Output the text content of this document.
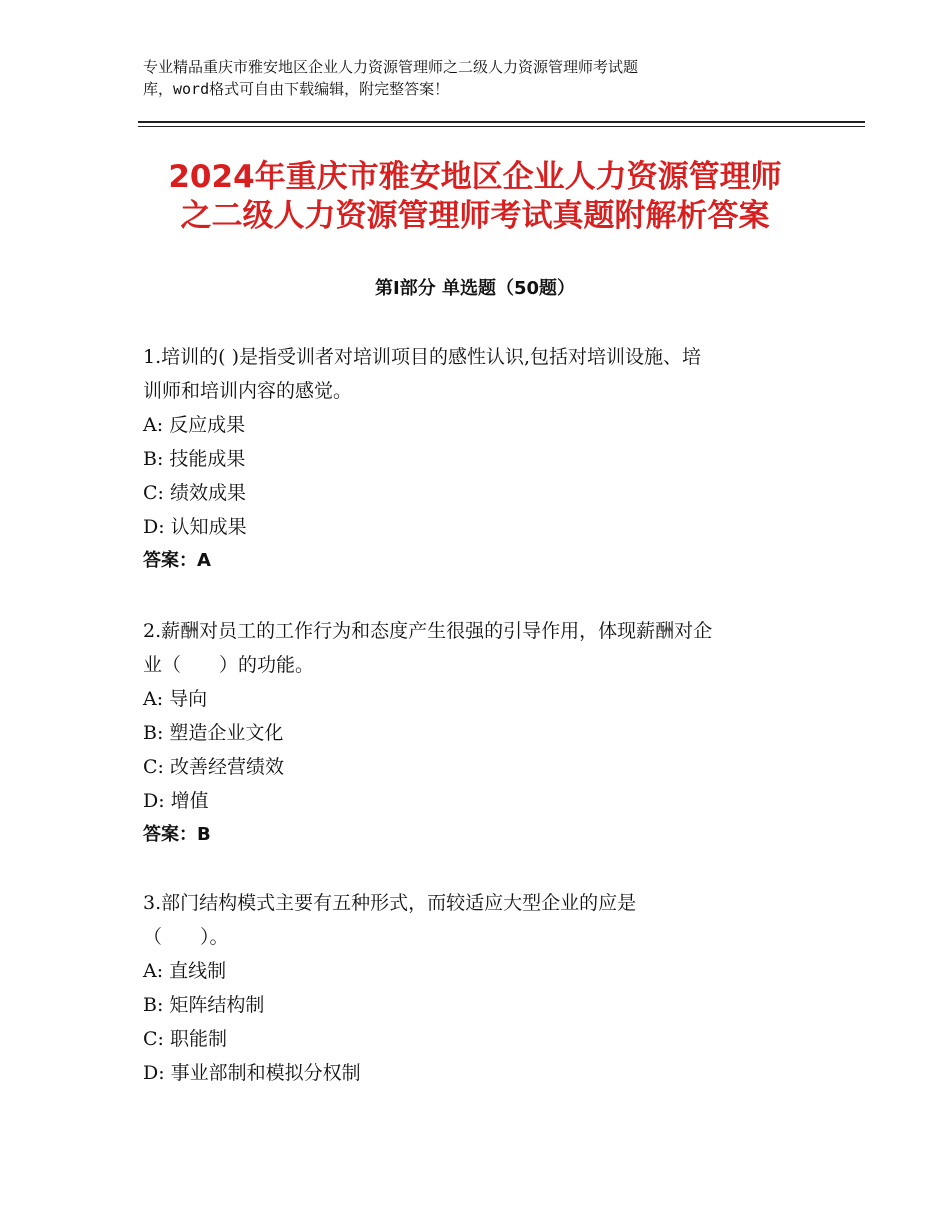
专业精品重庆市雅安地区企业人力资源管理师之二级人力资源管理师考试题
库，word格式可自由下载编辑，附完整答案！
2024年重庆市雅安地区企业人力资源管理师
之二级人力资源管理师考试真题附解析答案
第Ⅰ部分 单选题（50题）
1.培训的( )是指受训者对培训项目的感性认识,包括对培训设施、培
训师和培训内容的感觉。
A: 反应成果
B: 技能成果
C: 绩效成果
D: 认知成果
答案：A
2.薪酬对员工的工作行为和态度产生很强的引导作用，体现薪酬对企
业（　　）的功能。
A: 导向
B: 塑造企业文化
C: 改善经营绩效
D: 增值
答案：B
3.部门结构模式主要有五种形式，而较适应大型企业的应是
（　　）。
A: 直线制
B: 矩阵结构制
C: 职能制
D: 事业部制和模拟分权制
